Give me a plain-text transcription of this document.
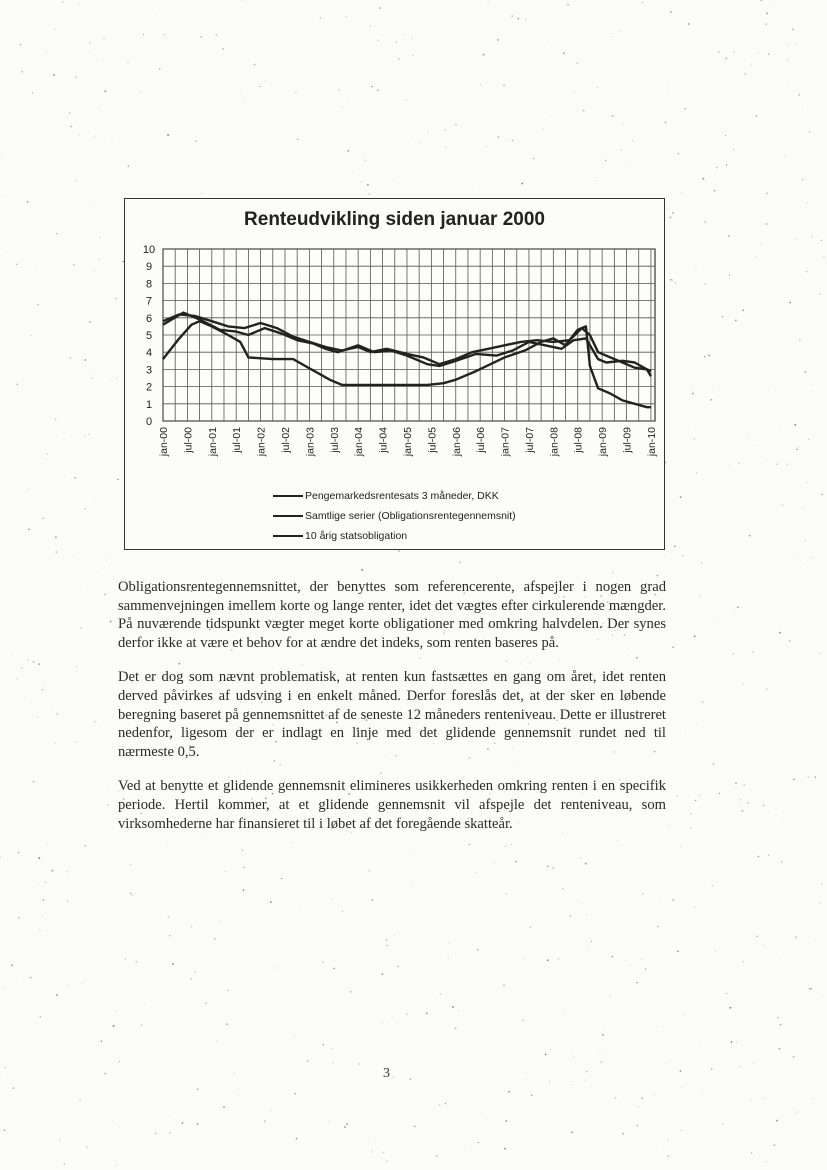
Renteudvikling siden januar 2000
0
1
2
3
4
5
6
7
8
9
10
jan-00 jul-00 jan-01 jul-01 jan-02 jul-02 jan-03 jul-03 jan-04 jul-04 jan-05 jul-05 jan-06 jul-06 jan-07 jul-07 jan-08 jul-08 jan-09 jul-09 jan-10
Pengemarkedsrentesats 3 måneder, DKK
Samtlige serier (Obligationsrentegennemsnit)
10 årig statsobligation

Obligationsrentegennemsnittet, der benyttes som referencerente, afspejler i nogen grad sammenvejningen imellem korte og lange renter, idet det vægtes efter cirkulerende mængder. På nuværende tidspunkt vægter meget korte obligationer med omkring halvdelen. Der synes derfor ikke at være et behov for at ændre det indeks, som renten baseres på.

Det er dog som nævnt problematisk, at renten kun fastsættes en gang om året, idet renten derved påvirkes af udsving i en enkelt måned. Derfor foreslås det, at der sker en løbende beregning baseret på gennemsnittet af de seneste 12 måneders renteniveau. Dette er illustreret nedenfor, ligesom der er indlagt en linje med det glidende gennemsnit rundet ned til nærmeste 0,5.

Ved at benytte et glidende gennemsnit elimineres usikkerheden omkring renten i en specifik periode. Hertil kommer, at et glidende gennemsnit vil afspejle det renteniveau, som virksomhederne har finansieret til i løbet af det foregående skatteår.

3
